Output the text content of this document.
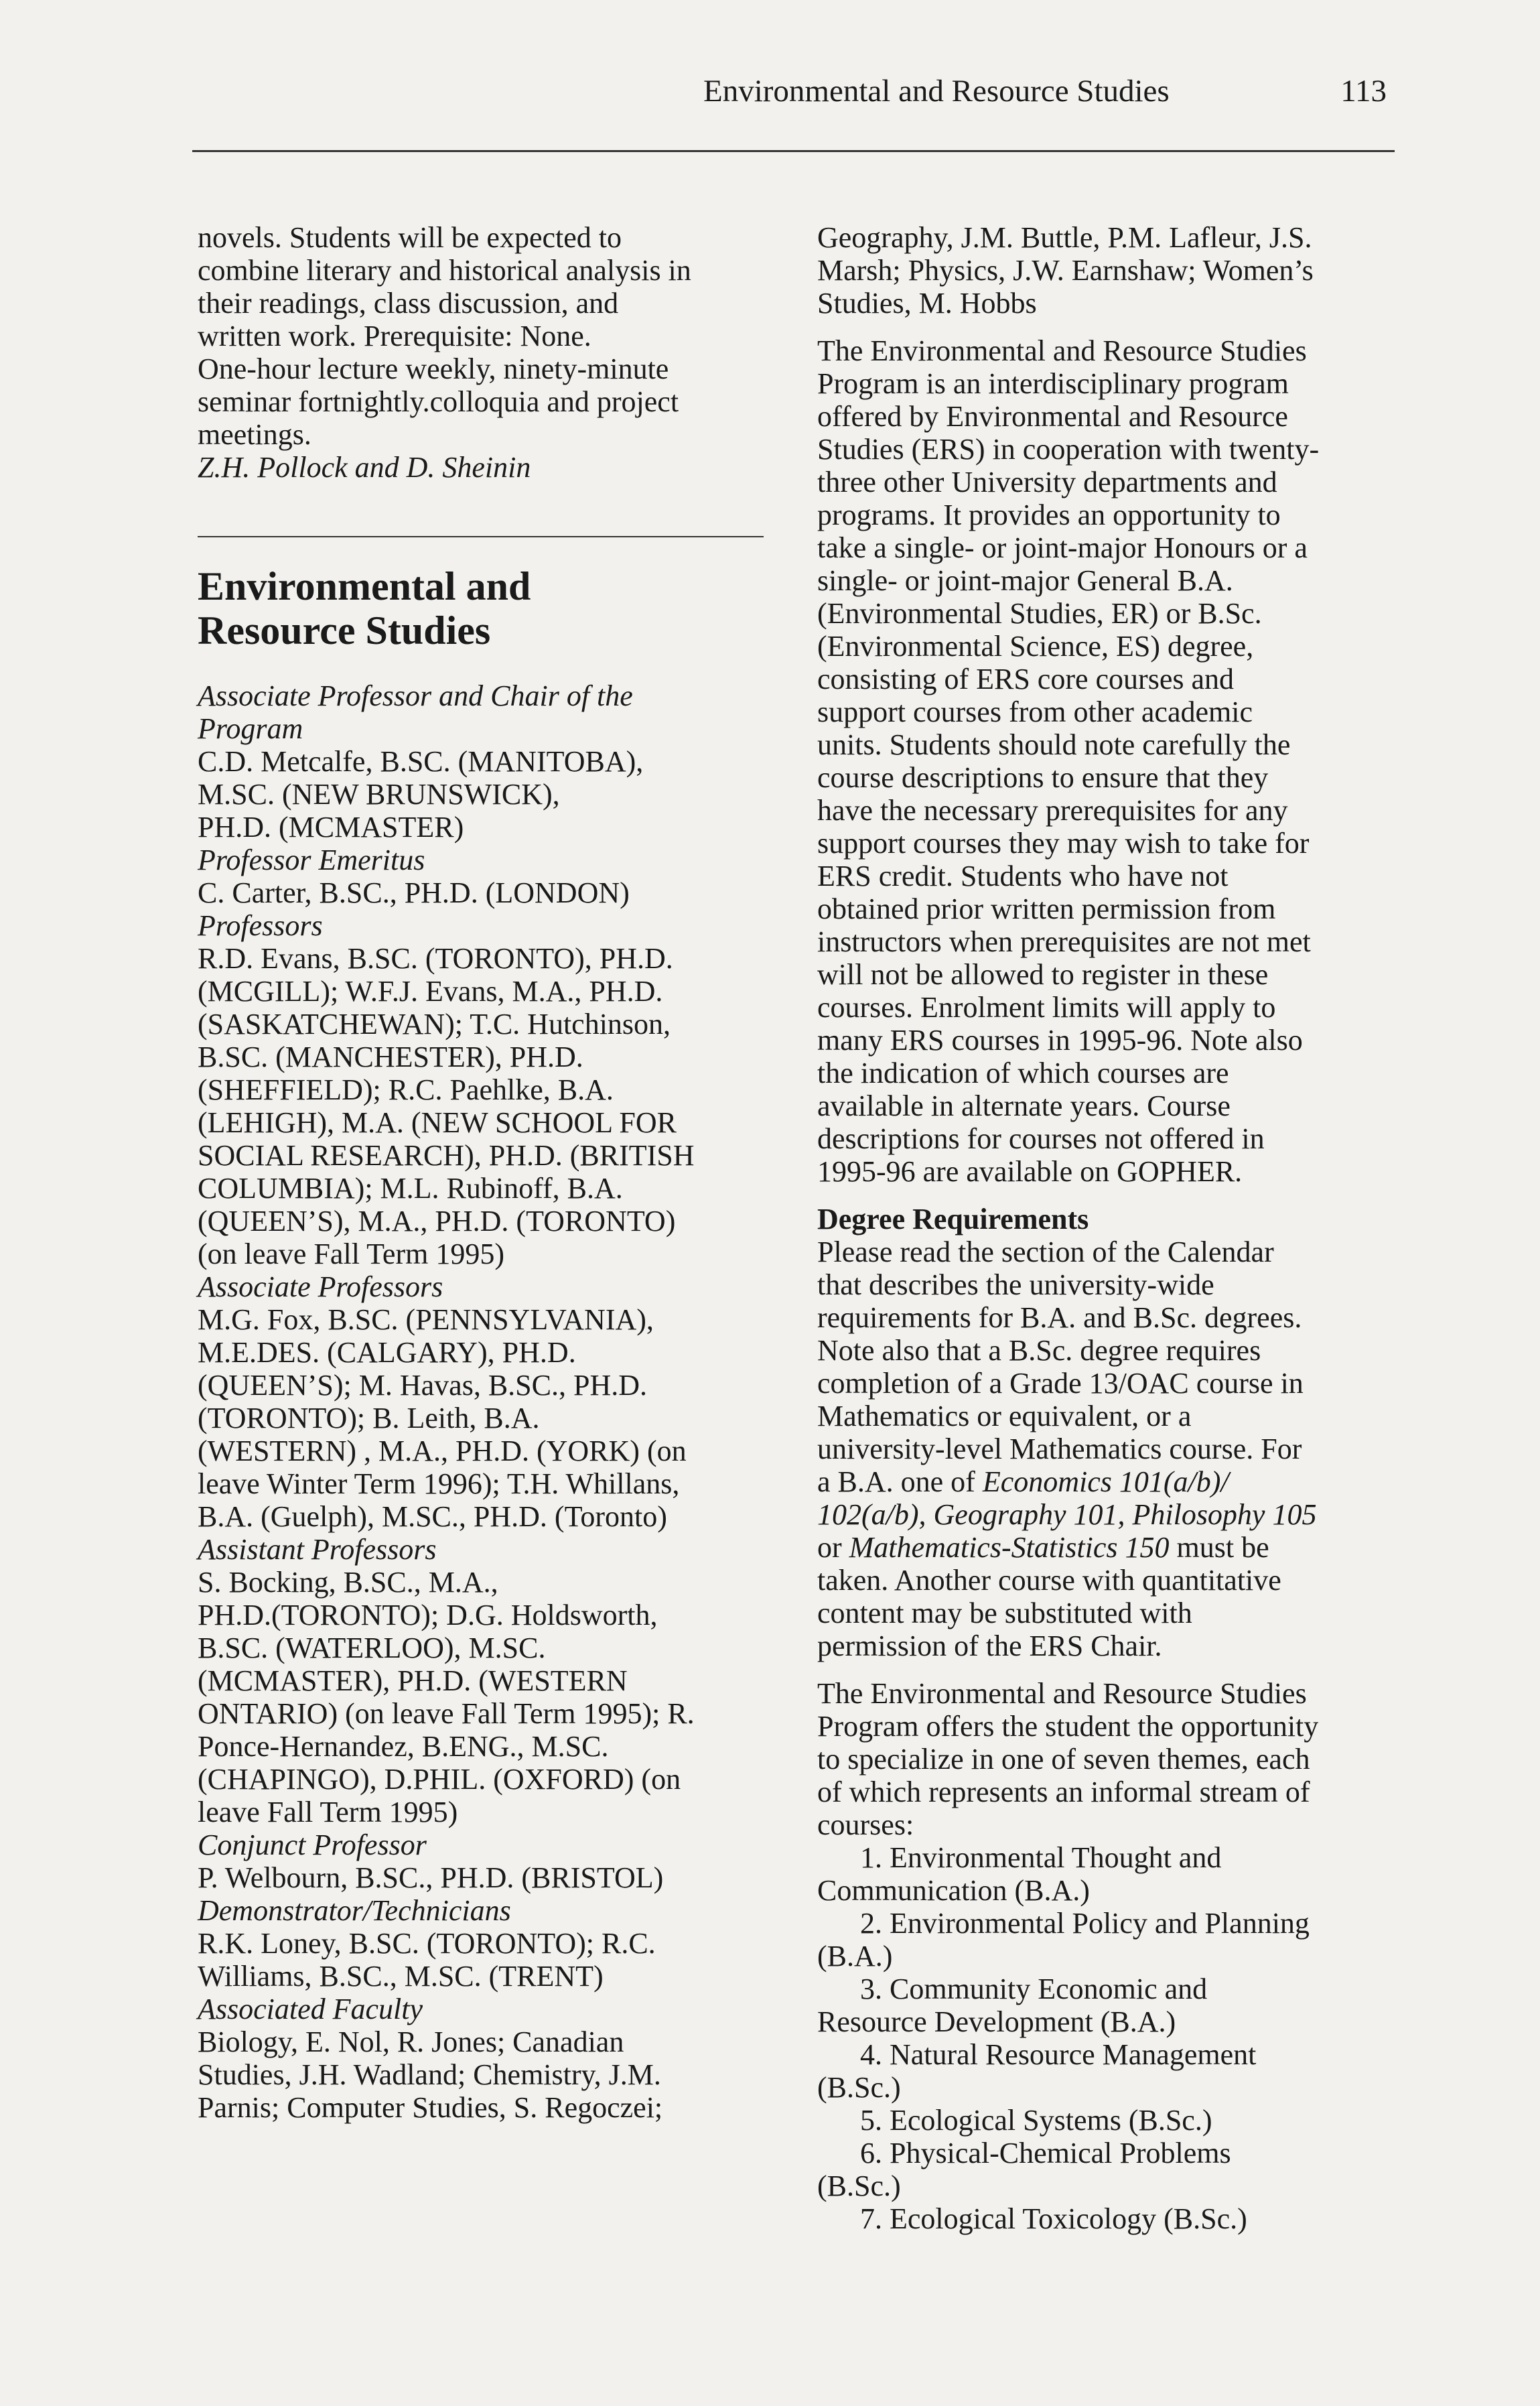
Environmental and Resource Studies	113

novels. Students will be expected to

combine literary and historical analysis in

their readings, class discussion, and

written work. Prerequisite: None.

One-hour lecture weekly, ninety-minute

seminar fortnightly.colloquia and project

meetings.

Z.H. Pollock and D. Sheinin

Environmental and
Resource Studies

Associate Professor and Chair of the

Program

C.D. Metcalfe, B.SC. (MANITOBA),

M.SC. (NEW BRUNSWICK),

PH.D. (MCMASTER)

Professor Emeritus

C. Carter, B.SC., PH.D. (LONDON)

Professors

R.D. Evans, B.SC. (TORONTO), PH.D.

(MCGILL); W.F.J. Evans, M.A., PH.D.

(SASKATCHEWAN); T.C. Hutchinson,

B.SC. (MANCHESTER), PH.D.

(SHEFFIELD); R.C. Paehlke, B.A.

(LEHIGH), M.A. (NEW SCHOOL FOR

SOCIAL RESEARCH), PH.D. (BRITISH

COLUMBIA); M.L. Rubinoff, B.A.

(QUEEN’S), M.A., PH.D. (TORONTO)

(on leave Fall Term 1995)

Associate Professors

M.G. Fox, B.SC. (PENNSYLVANIA),

M.E.DES. (CALGARY), PH.D.

(QUEEN’S); M. Havas, B.SC., PH.D.

(TORONTO); B. Leith, B.A.

(WESTERN) , M.A., PH.D. (YORK) (on

leave Winter Term 1996); T.H. Whillans,

B.A. (Guelph), M.SC., PH.D. (Toronto)

Assistant Professors

S. Bocking, B.SC., M.A.,

PH.D.(TORONTO); D.G. Holdsworth,

B.SC. (WATERLOO), M.SC.

(MCMASTER), PH.D. (WESTERN

ONTARIO) (on leave Fall Term 1995); R.

Ponce-Hernandez, B.ENG., M.SC.

(CHAPINGO), D.PHIL. (OXFORD) (on

leave Fall Term 1995)

Conjunct Professor

P. Welbourn, B.SC., PH.D. (BRISTOL)

Demonstrator/Technicians

R.K. Loney, B.SC. (TORONTO); R.C.

Williams, B.SC., M.SC. (TRENT)

Associated Faculty

Biology, E. Nol, R. Jones; Canadian

Studies, J.H. Wadland; Chemistry, J.M.

Parnis; Computer Studies, S. Regoczei;

Geography, J.M. Buttle, P.M. Lafleur, J.S.

Marsh; Physics, J.W. Earnshaw; Women’s

Studies, M. Hobbs

The Environmental and Resource Studies

Program is an interdisciplinary program

offered by Environmental and Resource

Studies (ERS) in cooperation with twenty-

three other University departments and

programs. It provides an opportunity to

take a single- or joint-major Honours or a

single- or joint-major General B.A.

(Environmental Studies, ER) or B.Sc.

(Environmental Science, ES) degree,

consisting of ERS core courses and

support courses from other academic

units. Students should note carefully the

course descriptions to ensure that they

have the necessary prerequisites for any

support courses they may wish to take for

ERS credit. Students who have not

obtained prior written permission from

instructors when prerequisites are not met

will not be allowed to register in these

courses. Enrolment limits will apply to

many ERS courses in 1995-96. Note also

the indication of which courses are

available in alternate years. Course

descriptions for courses not offered in

1995-96 are available on GOPHER.

Degree Requirements

Please read the section of the Calendar

that describes the university-wide

requirements for B.A. and B.Sc. degrees.

Note also that a B.Sc. degree requires

completion of a Grade 13/OAC course in

Mathematics or equivalent, or a

university-level Mathematics course. For

a B.A. one of Economics 101(a/b)/

102(a/b), Geography 101, Philosophy 105

or Mathematics-Statistics 150 must be

taken. Another course with quantitative

content may be substituted with

permission of the ERS Chair.

The Environmental and Resource Studies

Program offers the student the opportunity

to specialize in one of seven themes, each

of which represents an informal stream of

courses:

1. Environmental Thought and

Communication (B.A.)

2. Environmental Policy and Planning

(B.A.)

3. Community Economic and

Resource Development (B.A.)

4. Natural Resource Management

(B.Sc.)

5. Ecological Systems (B.Sc.)

6. Physical-Chemical Problems

(B.Sc.)

7. Ecological Toxicology (B.Sc.)
